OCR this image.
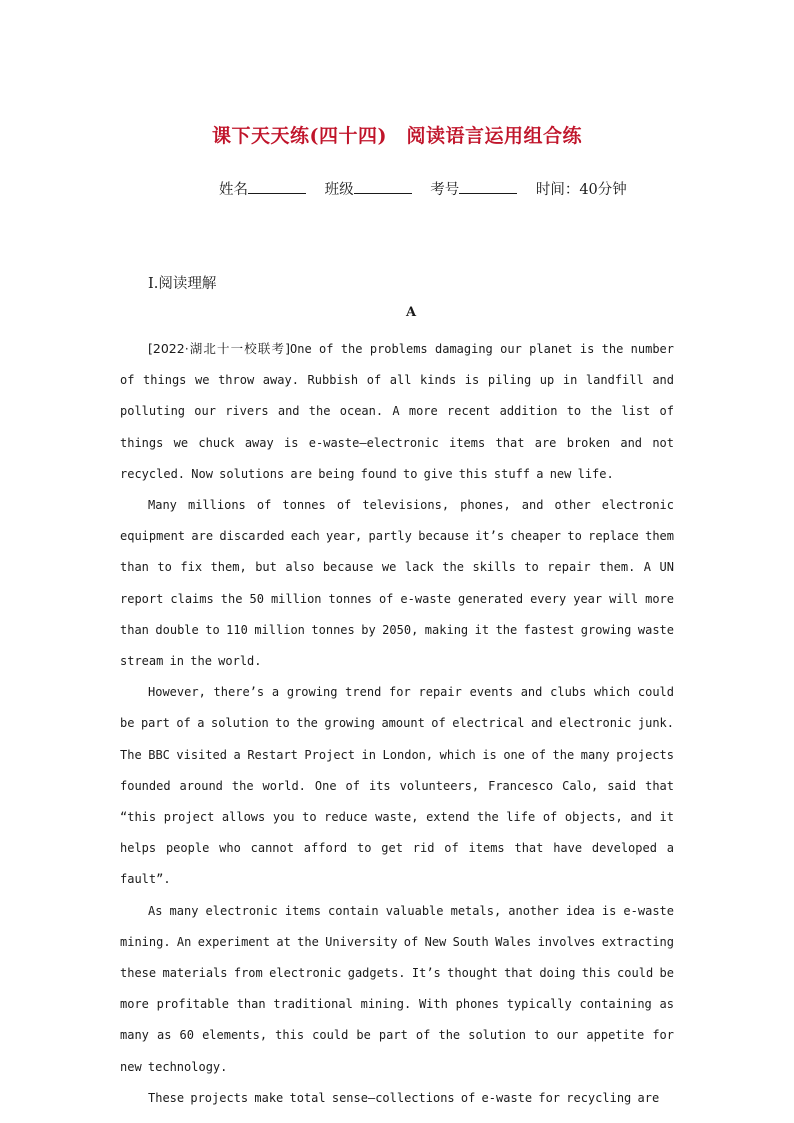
课下天天练(四十四)　阅读语言运用组合练
姓名	班级	考号	时间：40分钟
Ⅰ.阅读理解
A

[2022·湖北十一校联考]One of the problems damaging our planet is the number of things we throw away. Rubbish of all kinds is piling up in landfill and polluting our rivers and the ocean. A more recent addition to the list of things we chuck away is e-waste—electronic items that are broken and not recycled. Now solutions are being found to give this stuff a new life.

Many millions of tonnes of televisions, phones, and other electronic equipment are discarded each year, partly because it’s cheaper to replace them than to fix them, but also because we lack the skills to repair them. A UN report claims the 50 million tonnes of e-waste generated every year will more than double to 110 million tonnes by 2050, making it the fastest growing waste stream in the world.

However, there’s a growing trend for repair events and clubs which could be part of a solution to the growing amount of electrical and electronic junk. The BBC visited a Restart Project in London, which is one of the many projects founded around the world. One of its volunteers, Francesco Calo, said that “this project allows you to reduce waste, extend the life of objects, and it helps people who cannot afford to get rid of items that have developed a fault”.

As many electronic items contain valuable metals, another idea is e-waste mining. An experiment at the University of New South Wales involves extracting these materials from electronic gadgets. It’s thought that doing this could be more profitable than traditional mining. With phones typically containing as many as 60 elements, this could be part of the solution to our appetite for new technology.

These projects make total sense—collections of e-waste for recycling are
